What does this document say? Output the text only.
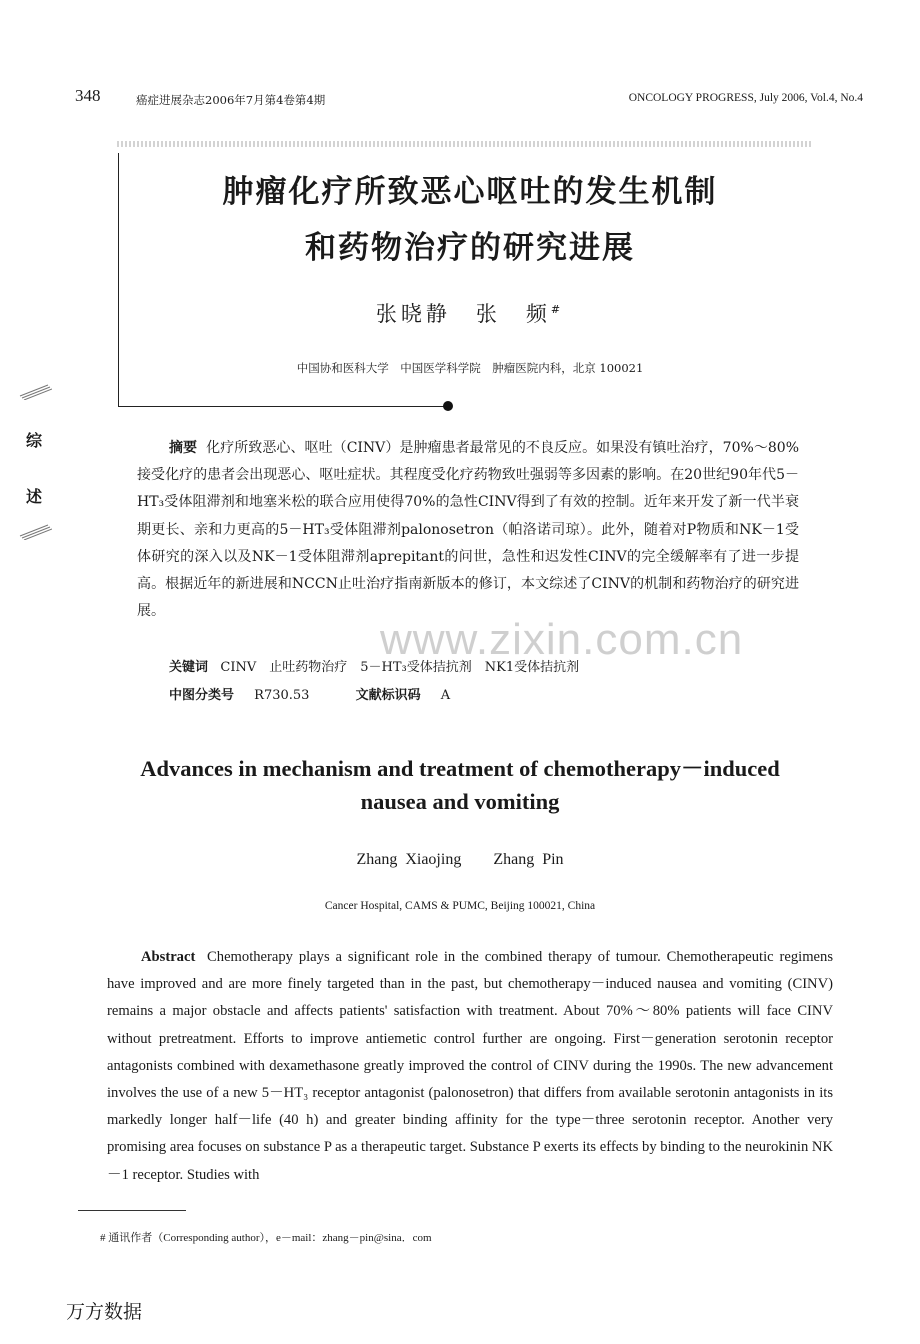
348	癌症进展杂志2006年7月第4卷第4期	ONCOLOGY PROGRESS, July 2006, Vol.4, No.4
肿瘤化疗所致恶心呕吐的发生机制
和药物治疗的研究进展
张晓静　张　频#
中国协和医科大学　中国医学科学院　肿瘤医院内科，北京 100021
综
述

摘要 化疗所致恶心、呕吐（CINV）是肿瘤患者最常见的不良反应。如果没有镇吐治疗，70%～80%接受化疗的患者会出现恶心、呕吐症状。其程度受化疗药物致吐强弱等多因素的影响。在20世纪90年代5－HT₃受体阻滞剂和地塞米松的联合应用使得70%的急性CINV得到了有效的控制。近年来开发了新一代半衰期更长、亲和力更高的5－HT₃受体阻滞剂palonosetron（帕洛诺司琼）。此外，随着对P物质和NK－1受体研究的深入以及NK－1受体阻滞剂aprepitant的问世，急性和迟发性CINV的完全缓解率有了进一步提高。根据近年的新进展和NCCN止吐治疗指南新版本的修订，本文综述了CINV的机制和药物治疗的研究进展。

关键词 CINV　止吐药物治疗　5－HT₃受体拮抗剂　NK1受体拮抗剂
中图分类号 R730.53	文献标识码 A
Advances in mechanism and treatment of chemotherapy－induced
nausea and vomiting
Zhang Xiaojing　　Zhang Pin
Cancer Hospital, CAMS & PUMC, Beijing 100021, China

Abstract Chemotherapy plays a significant role in the combined therapy of tumour. Chemotherapeutic regimens have improved and are more finely targeted than in the past, but chemotherapy－induced nausea and vomiting (CINV) remains a major obstacle and affects patients' satisfaction with treatment. About 70%～80% patients will face CINV without pretreatment. Efforts to improve antiemetic control further are ongoing. First－generation serotonin receptor antagonists combined with dexamethasone greatly improved the control of CINV during the 1990s. The new advancement involves the use of a new 5－HT₃ receptor antagonist (palonosetron) that differs from available serotonin antagonists in its markedly longer half－life (40 h) and greater binding affinity for the type－three serotonin receptor. Another very promising area focuses on substance P as a therapeutic target. Substance P exerts its effects by binding to the neurokinin NK－1 receptor. Studies with

# 通讯作者（Corresponding author），e－mail：zhang－pin@sina．com
www.zixin.com.cn
万方数据
